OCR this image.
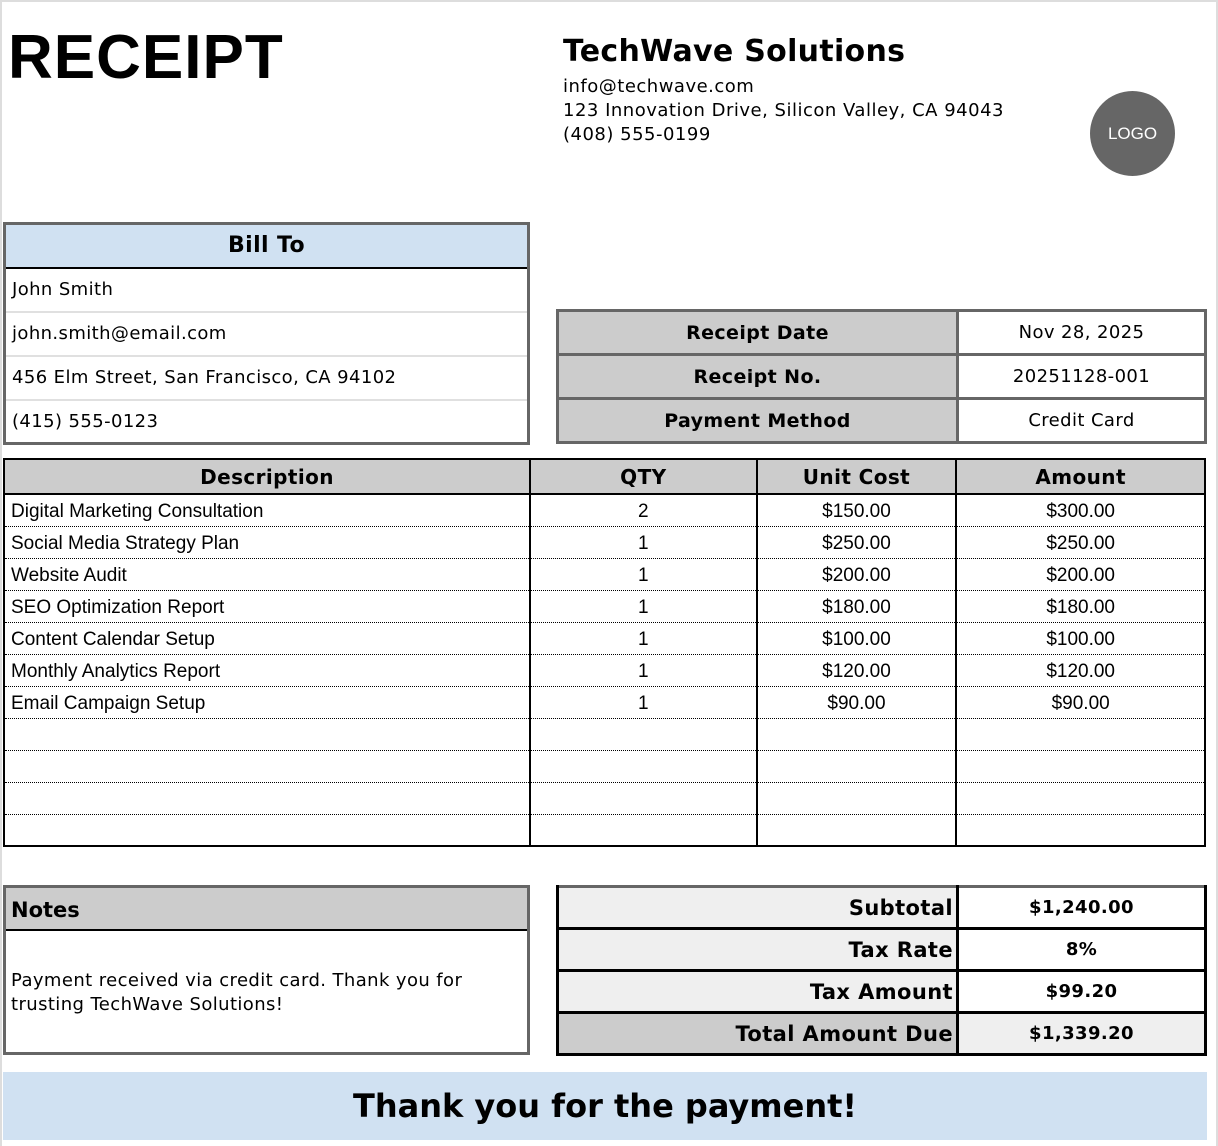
RECEIPT	TechWave Solutions
info@techwave.com
123 Innovation Drive, Silicon Valley, CA 94043
(408) 555-0199	LOGO
Bill To
John Smith
john.smith@email.com
456 Elm Street, San Francisco, CA 94102
(415) 555-0123
Receipt Date	Nov 28, 2025
Receipt No.	20251128-001
Payment Method	Credit Card
Description	QTY	Unit Cost	Amount
Digital Marketing Consultation	2	$150.00	$300.00
Social Media Strategy Plan	1	$250.00	$250.00
Website Audit	1	$200.00	$200.00
SEO Optimization Report	1	$180.00	$180.00
Content Calendar Setup	1	$100.00	$100.00
Monthly Analytics Report	1	$120.00	$120.00
Email Campaign Setup	1	$90.00	$90.00

Notes
Payment received via credit card. Thank you for trusting TechWave Solutions!
Subtotal	$1,240.00
Tax Rate	8%
Tax Amount	$99.20
Total Amount Due	$1,339.20
Thank you for the payment!
